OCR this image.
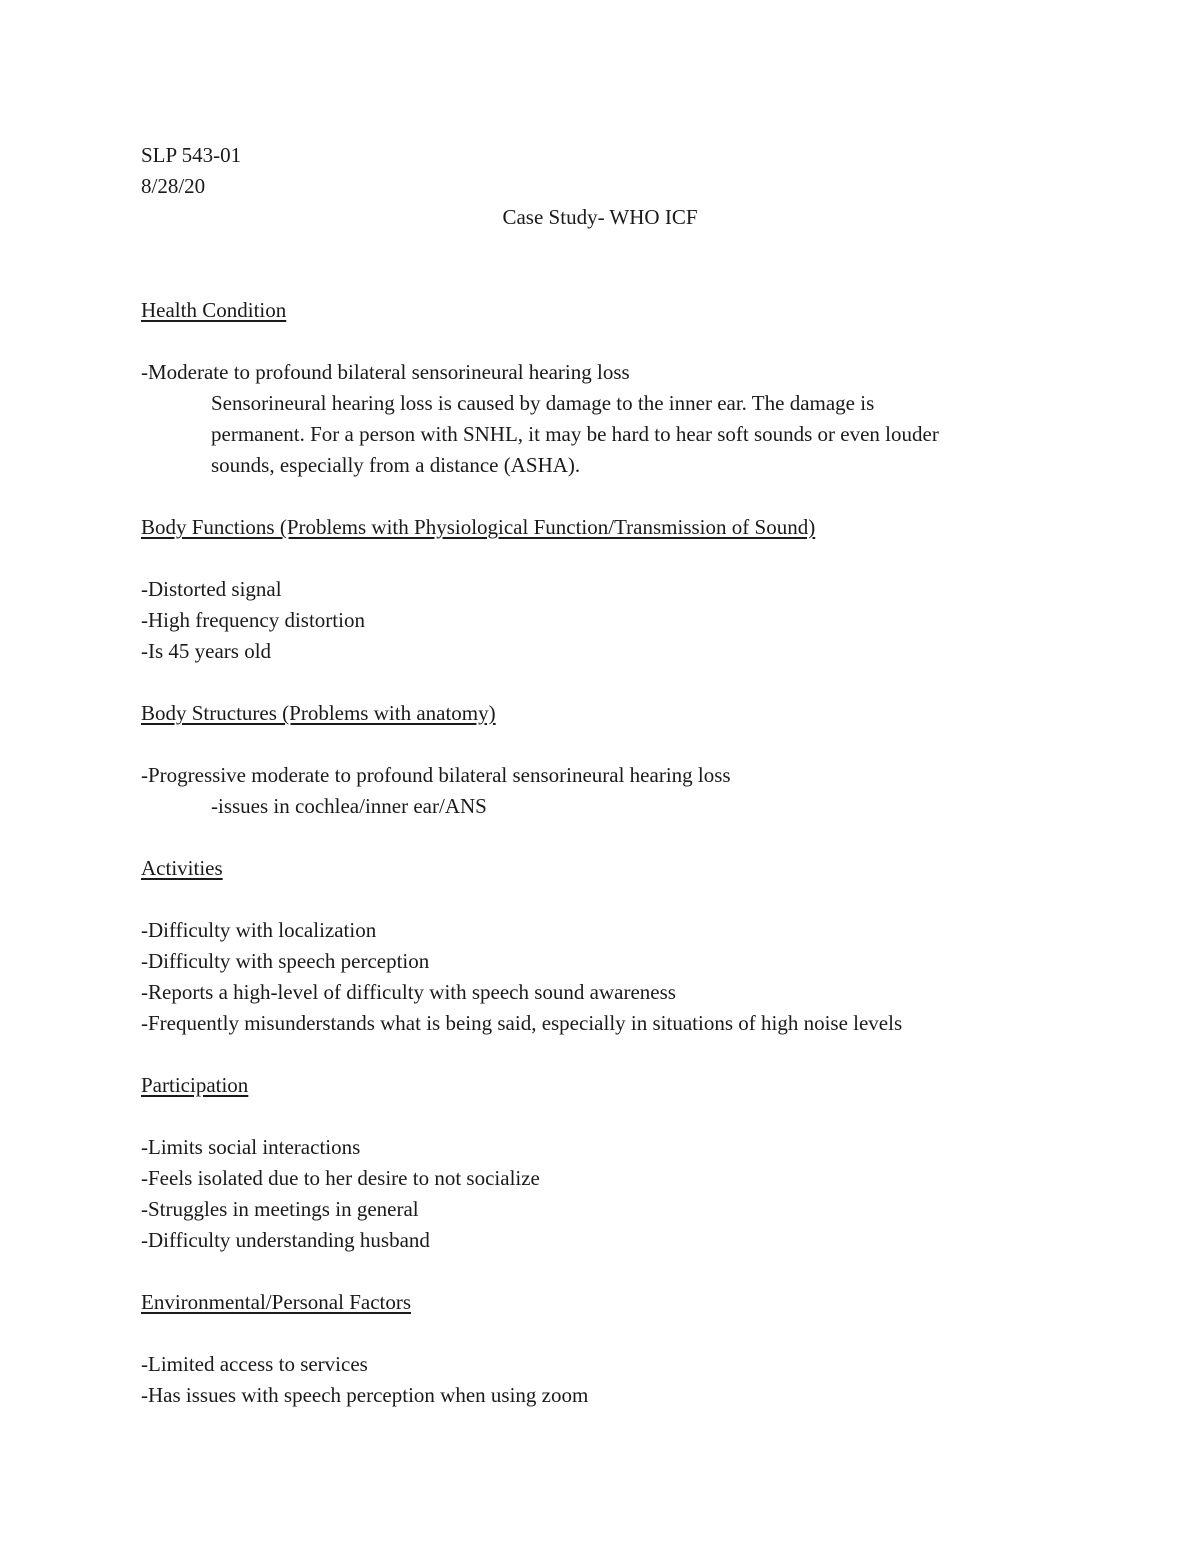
SLP 543-01
8/28/20
Case Study- WHO ICF
Health Condition
-Moderate to profound bilateral sensorineural hearing loss
Sensorineural hearing loss is caused by damage to the inner ear. The damage is
permanent. For a person with SNHL, it may be hard to hear soft sounds or even louder
sounds, especially from a distance (ASHA).
Body Functions (Problems with Physiological Function/Transmission of Sound)
-Distorted signal
-High frequency distortion
-Is 45 years old
Body Structures (Problems with anatomy)
-Progressive moderate to profound bilateral sensorineural hearing loss
-issues in cochlea/inner ear/ANS
Activities
-Difficulty with localization
-Difficulty with speech perception
-Reports a high-level of difficulty with speech sound awareness
-Frequently misunderstands what is being said, especially in situations of high noise levels
Participation
-Limits social interactions
-Feels isolated due to her desire to not socialize
-Struggles in meetings in general
-Difficulty understanding husband
Environmental/Personal Factors
-Limited access to services
-Has issues with speech perception when using zoom
